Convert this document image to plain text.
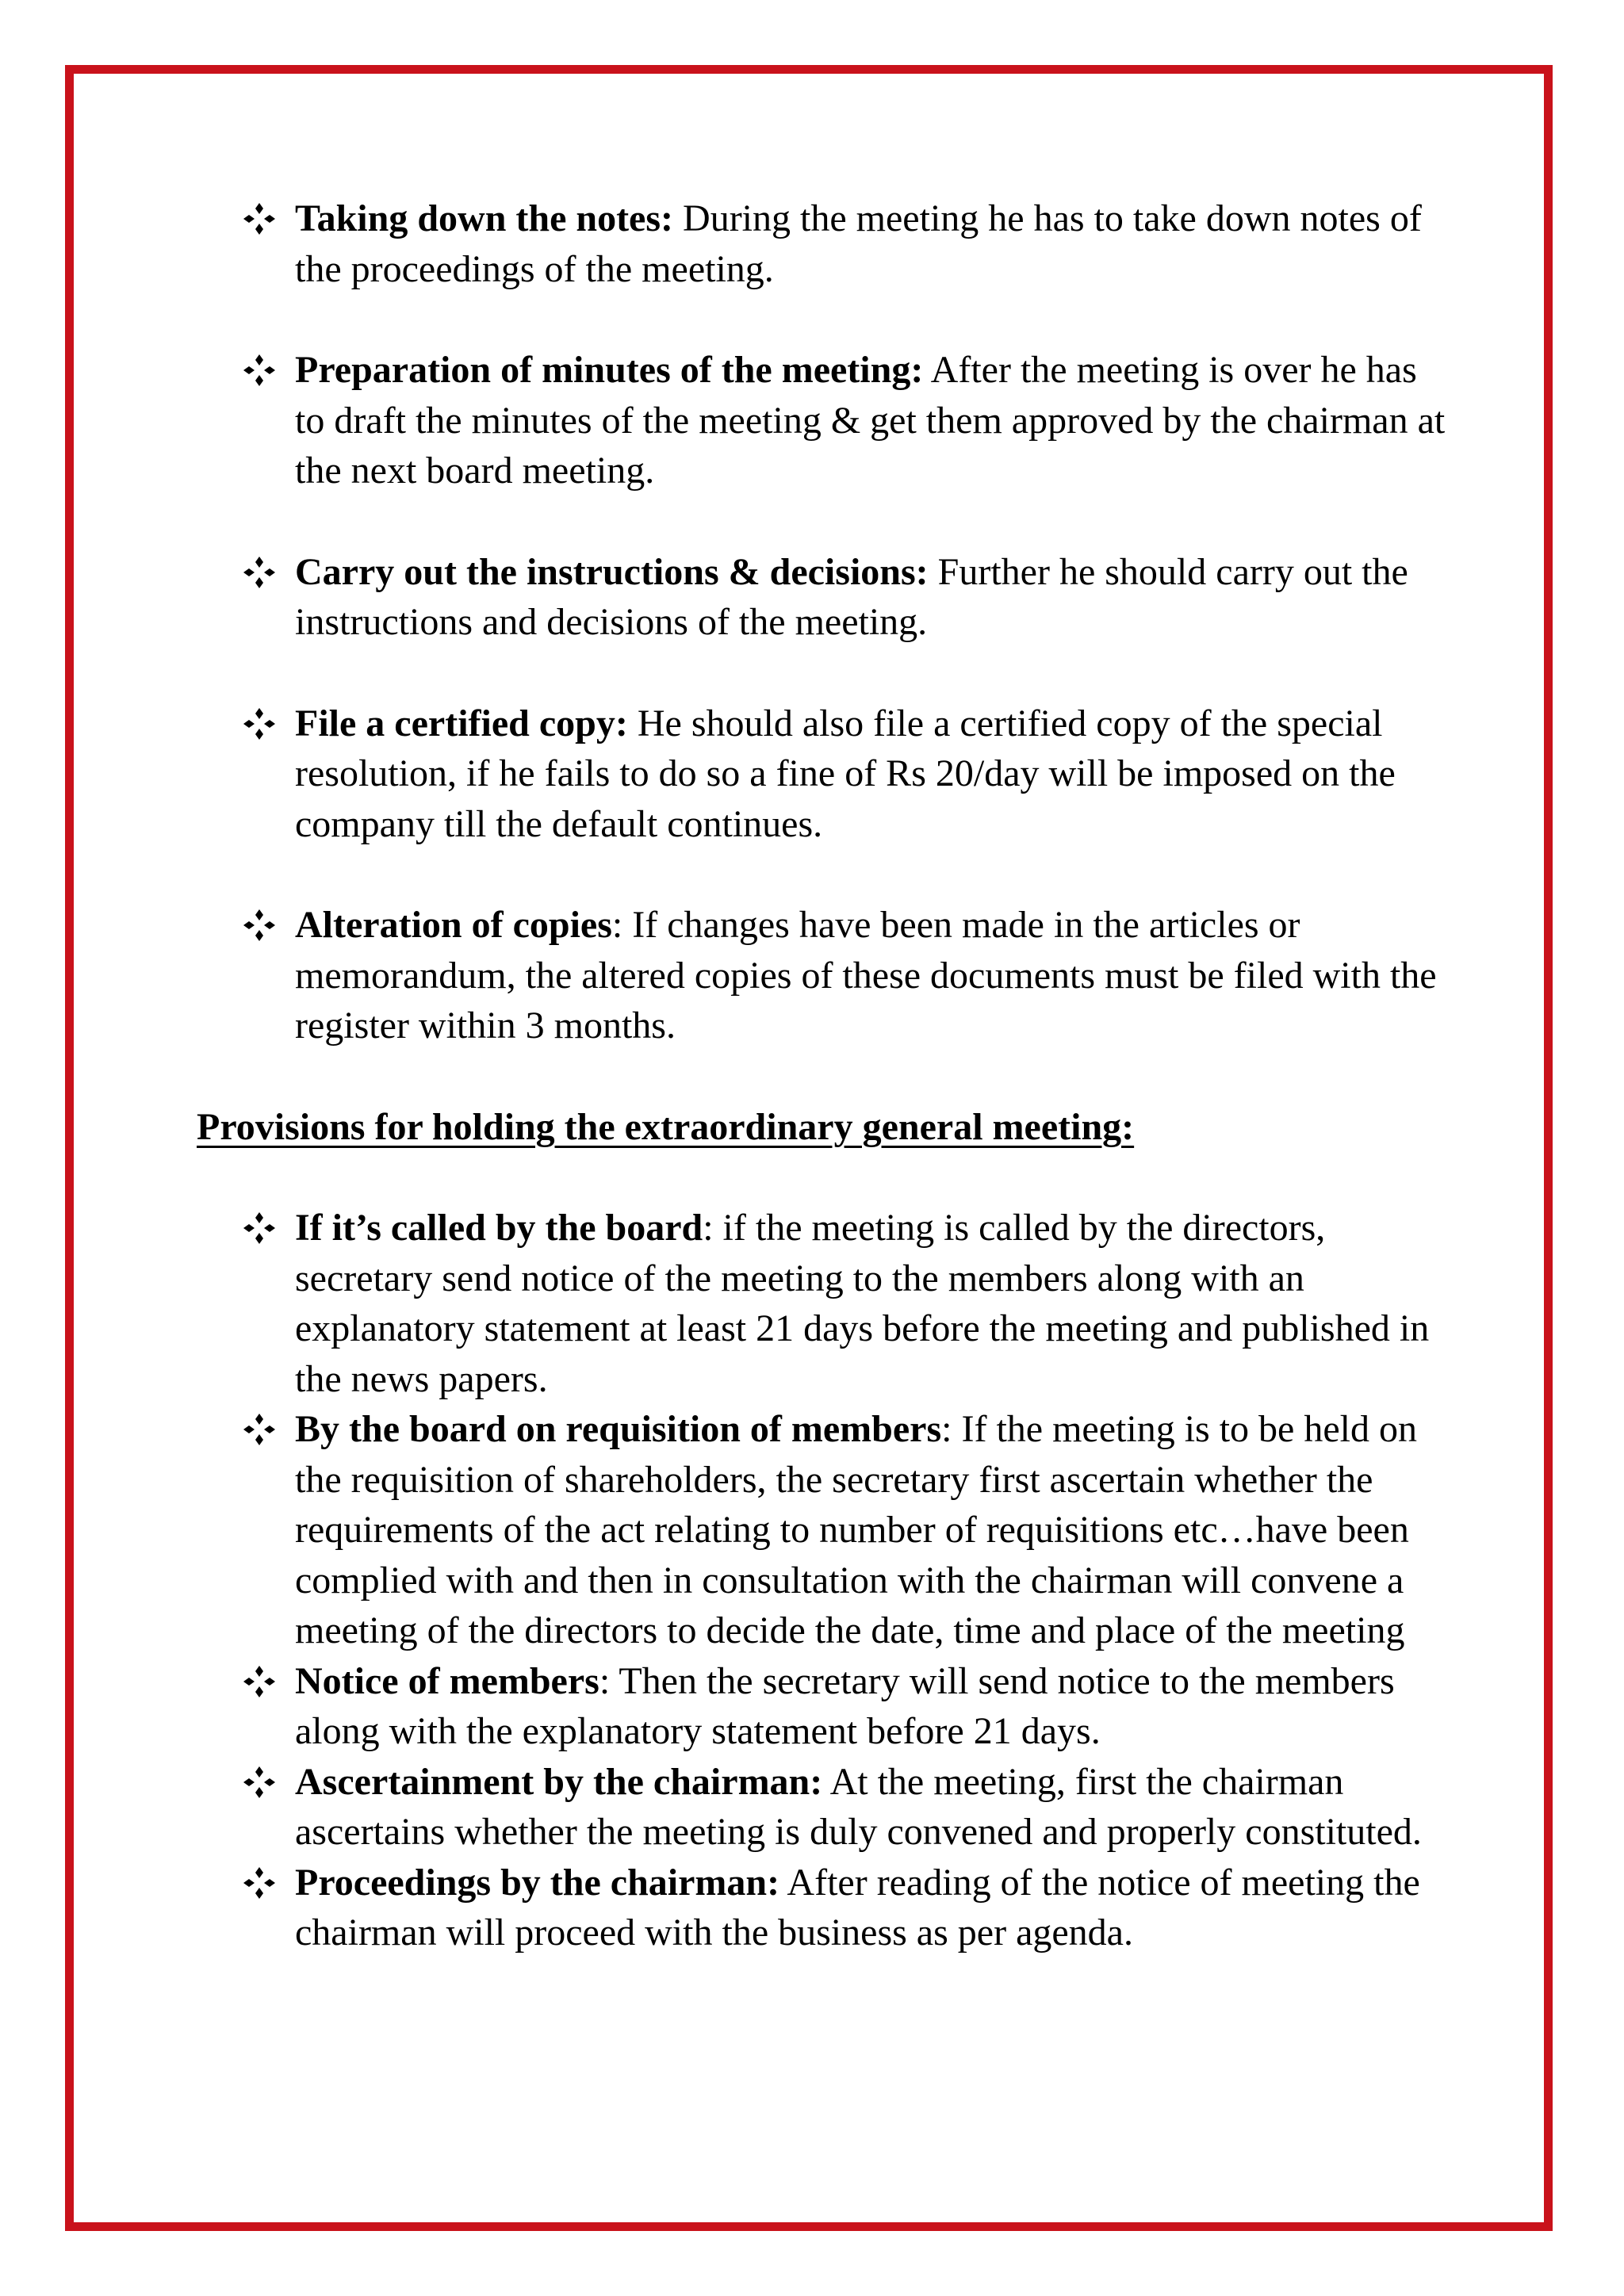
Taking down the notes: During the meeting he has to take down notes of the proceedings of the meeting.
Preparation of minutes of the meeting: After the meeting is over he has to draft the minutes of the meeting & get them approved by the chairman at the next board meeting.
Carry out the instructions & decisions: Further he should carry out the instructions and decisions of the meeting.
File a certified copy: He should also file a certified copy of the special resolution, if he fails to do so a fine of Rs 20/day will be imposed on the company till the default continues.
Alteration of copies: If changes have been made in the articles or memorandum, the altered copies of these documents must be filed with the register within 3 months.
Provisions for holding the extraordinary general meeting:
If it’s called by the board: if the meeting is called by the directors, secretary send notice of the meeting to the members along with an explanatory statement at least 21 days before the meeting and published in the news papers.
By the board on requisition of members: If the meeting is to be held on the requisition of shareholders, the secretary first ascertain whether the requirements of the act relating to number of requisitions etc…have been complied with and then in consultation with the chairman will convene a meeting of the directors to decide the date, time and place of the meeting
Notice of members: Then the secretary will send notice to the members along with the explanatory statement before 21 days.
Ascertainment by the chairman: At the meeting, first the chairman ascertains whether the meeting is duly convened and properly constituted.
Proceedings by the chairman: After reading of the notice of meeting the chairman will proceed with the business as per agenda.
